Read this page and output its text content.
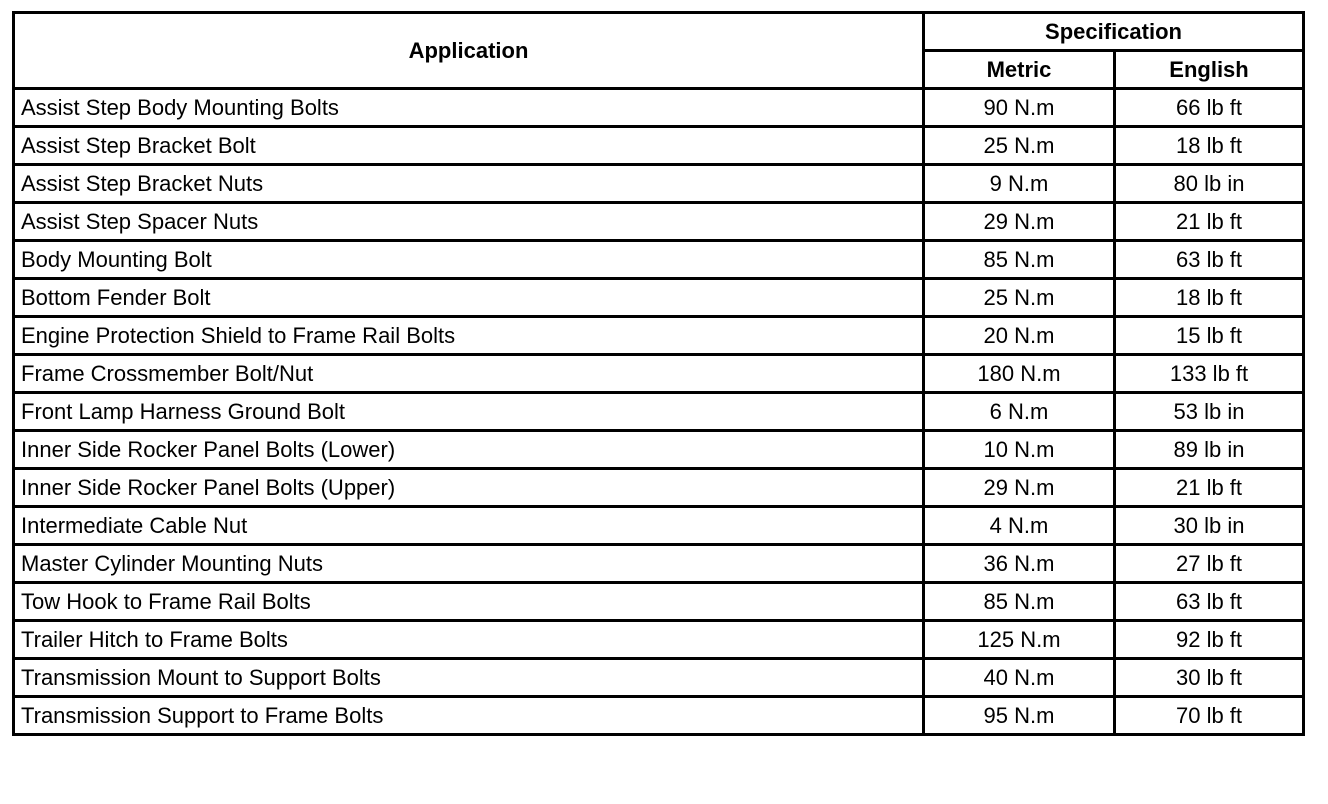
Application	Specification	
	Metric	English
Assist Step Body Mounting Bolts	90 N.m	66 lb ft
Assist Step Bracket Bolt	25 N.m	18 lb ft
Assist Step Bracket Nuts	9 N.m	80 lb in
Assist Step Spacer Nuts	29 N.m	21 lb ft
Body Mounting Bolt	85 N.m	63 lb ft
Bottom Fender Bolt	25 N.m	18 lb ft
Engine Protection Shield to Frame Rail Bolts	20 N.m	15 lb ft
Frame Crossmember Bolt/Nut	180 N.m	133 lb ft
Front Lamp Harness Ground Bolt	6 N.m	53 lb in
Inner Side Rocker Panel Bolts (Lower)	10 N.m	89 lb in
Inner Side Rocker Panel Bolts (Upper)	29 N.m	21 lb ft
Intermediate Cable Nut	4 N.m	30 lb in
Master Cylinder Mounting Nuts	36 N.m	27 lb ft
Tow Hook to Frame Rail Bolts	85 N.m	63 lb ft
Trailer Hitch to Frame Bolts	125 N.m	92 lb ft
Transmission Mount to Support Bolts	40 N.m	30 lb ft
Transmission Support to Frame Bolts	95 N.m	70 lb ft
